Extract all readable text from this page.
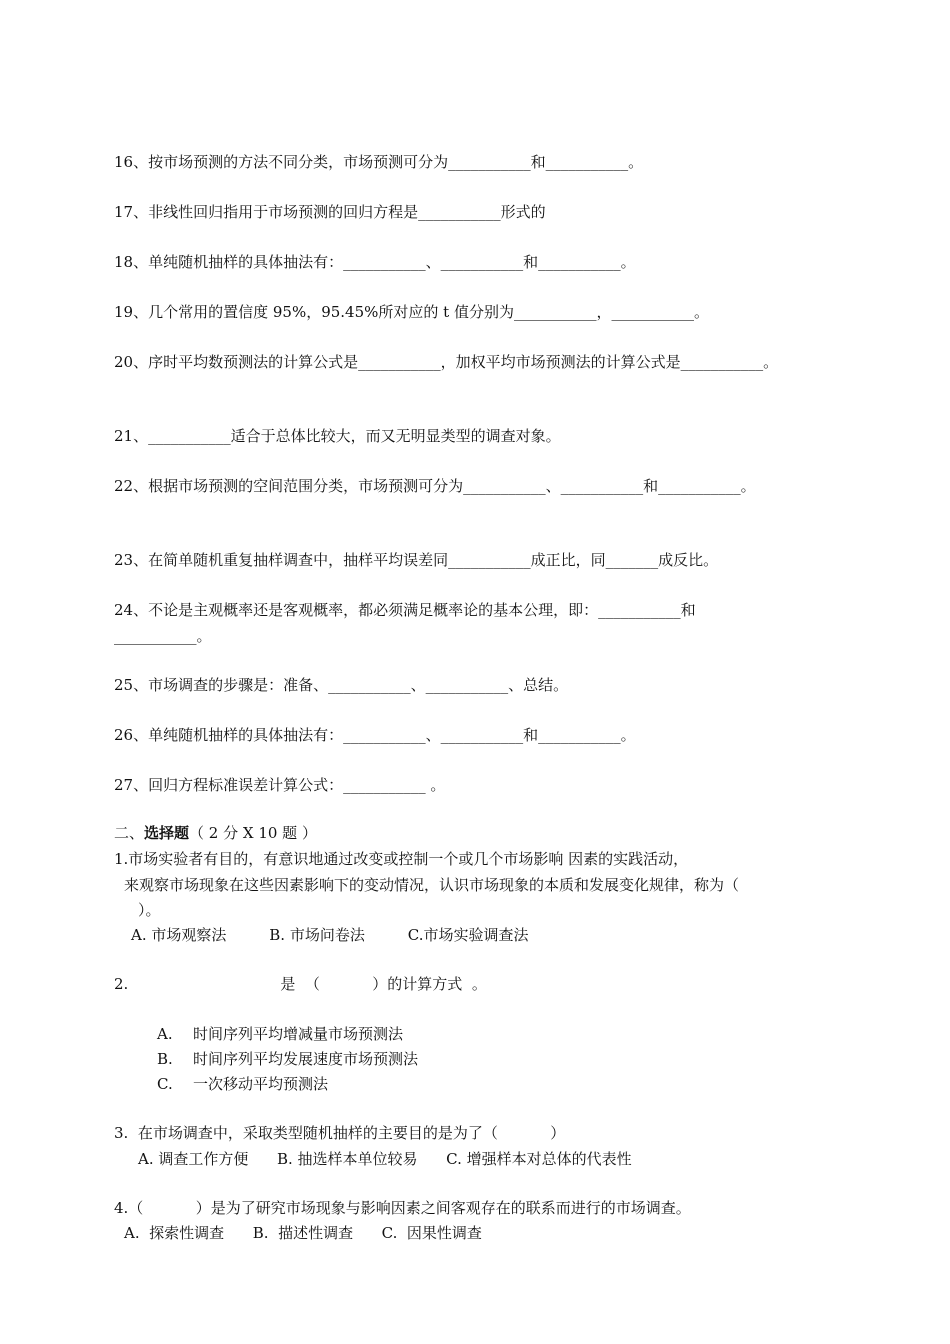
16、按市场预测的方法不同分类，市场预测可分为___________和___________。
17、非线性回归指用于市场预测的回归方程是___________形式的
18、单纯随机抽样的具体抽法有：___________、___________和___________。
19、几个常用的置信度 95%，95.45%所对应的 t 值分别为___________，___________。
20、序时平均数预测法的计算公式是___________，加权平均市场预测法的计算公式是___________。
21、___________适合于总体比较大，而又无明显类型的调查对象。
22、根据市场预测的空间范围分类，市场预测可分为___________、___________和___________。
23、在简单随机重复抽样调查中，抽样平均误差同___________成正比，同_______成反比。
24、不论是主观概率还是客观概率，都必须满足概率论的基本公理，即：___________和
___________。
25、市场调查的步骤是：准备、___________、___________、总结。
26、单纯随机抽样的具体抽法有：___________、___________和___________。
27、回归方程标准误差计算公式：___________ 。
二、选择题（ 2 分 X 10 题 ）
1.市场实验者有目的，有意识地通过改变或控制一个或几个市场影响 因素的实践活动，
来观察市场现象在这些因素影响下的变动情况，认识市场现象的本质和发展变化规律，称为（
）。
A. 市场观察法         B. 市场问卷法         C.市场实验调查法
2.	是  （           ）的计算方式  。
A. 时间序列平均增减量市场预测法
B. 时间序列平均发展速度市场预测法
C. 一次移动平均预测法
3.  在市场调查中，采取类型随机抽样的主要目的是为了（           ）
A. 调查工作方便      B. 抽选样本单位较易      C. 增强样本对总体的代表性
4.（           ）是为了研究市场现象与影响因素之间客观存在的联系而进行的市场调查。
A.  探索性调查      B.  描述性调查      C.  因果性调查
